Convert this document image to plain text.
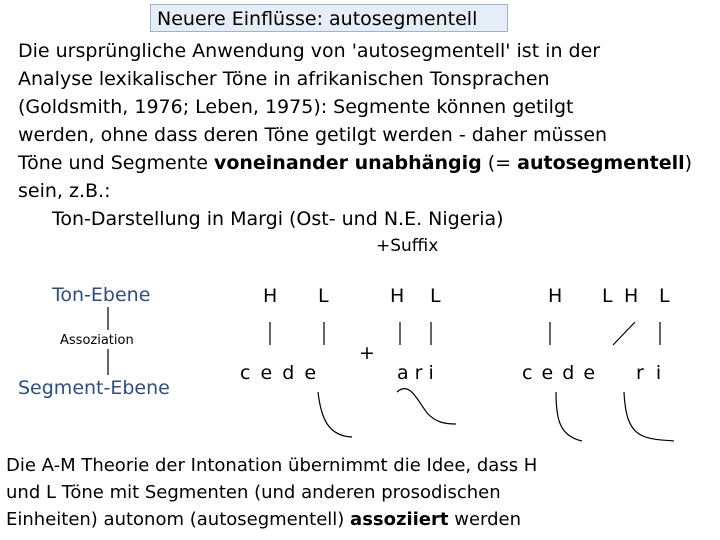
Neuere Einflüsse: autosegmentell

Die ursprüngliche Anwendung von 'autosegmentell' ist in der

Analyse lexikalischer Töne in afrikanischen Tonsprachen

(Goldsmith, 1976; Leben, 1975): Segmente können getilgt

werden, ohne dass deren Töne getilgt werden - daher müssen

Töne und Segmente voneinander unabhängig (= autosegmentell)

sein, z.B.:

Ton-Darstellung in Margi (Ost- und N.E. Nigeria)

+Suffix
Ton-Ebene
Assoziation
Segment-Ebene
H L
c e d e
+
H L
a r i
H L H L
c e d e r i

Die A-M Theorie der Intonation übernimmt die Idee, dass H

und L Töne mit Segmenten (und anderen prosodischen

Einheiten) autonom (autosegmentell) assoziiert werden
